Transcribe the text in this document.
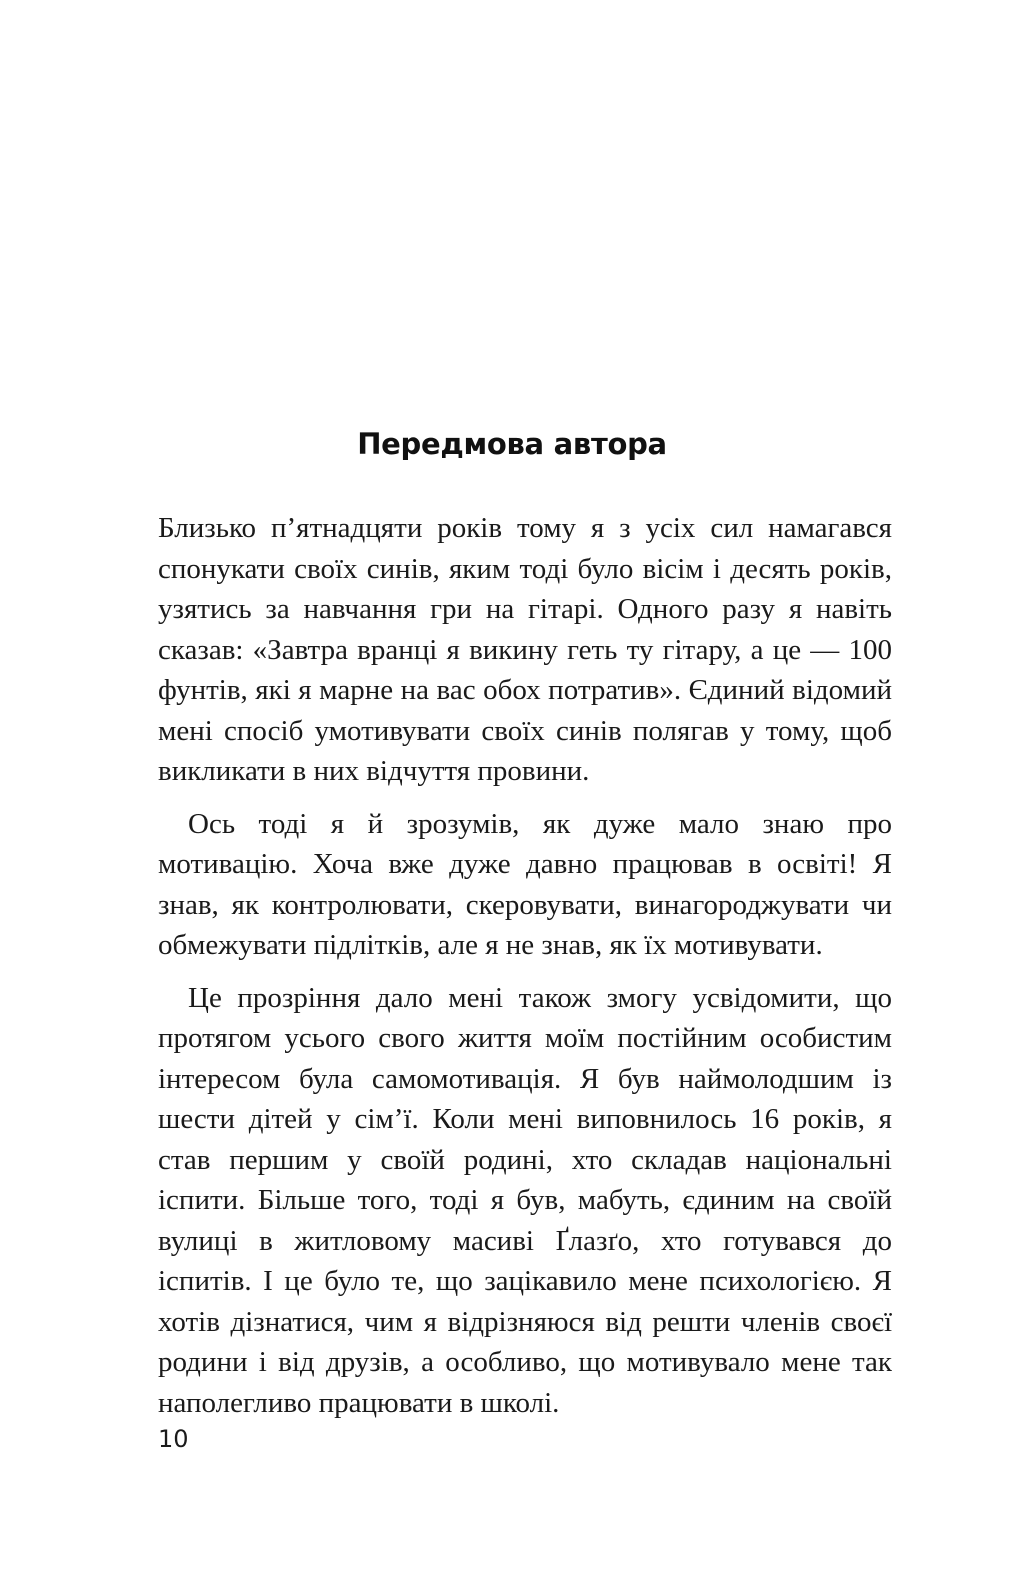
Передмова автора

Близько п’ятнадцяти років тому я з усіх сил намагався спонукати своїх синів, яким тоді було вісім і десять років, узятись за навчання гри на гітарі. Одного разу я навіть сказав: «Завтра вранці я викину геть ту гітару, а це — 100 фунтів, які я марне на вас обох потратив». Єдиний відомий мені спосіб умотивувати своїх синів полягав у тому, щоб викликати в них відчуття провини.

Ось тоді я й зрозумів, як дуже мало знаю про мотивацію. Хоча вже дуже давно працював в освіті! Я знав, як контролювати, скеровувати, винагороджувати чи обмежувати підлітків, але я не знав, як їх мотивувати.

Це прозріння дало мені також змогу усвідомити, що протягом усього свого життя моїм постійним особистим інтересом була самомотивація. Я був наймолодшим із шести дітей у сім’ї. Коли мені виповнилось 16 років, я став першим у своїй родині, хто складав національні іспити. Більше того, тоді я був, мабуть, єдиним на своїй вулиці в житловому масиві Ґлазґо, хто готувався до іспитів. І це було те, що зацікавило мене психологією. Я хотів дізнатися, чим я відрізняюся від решти членів своєї родини і від друзів, а особливо, що мотивувало мене так наполегливо працювати в школі.

10
